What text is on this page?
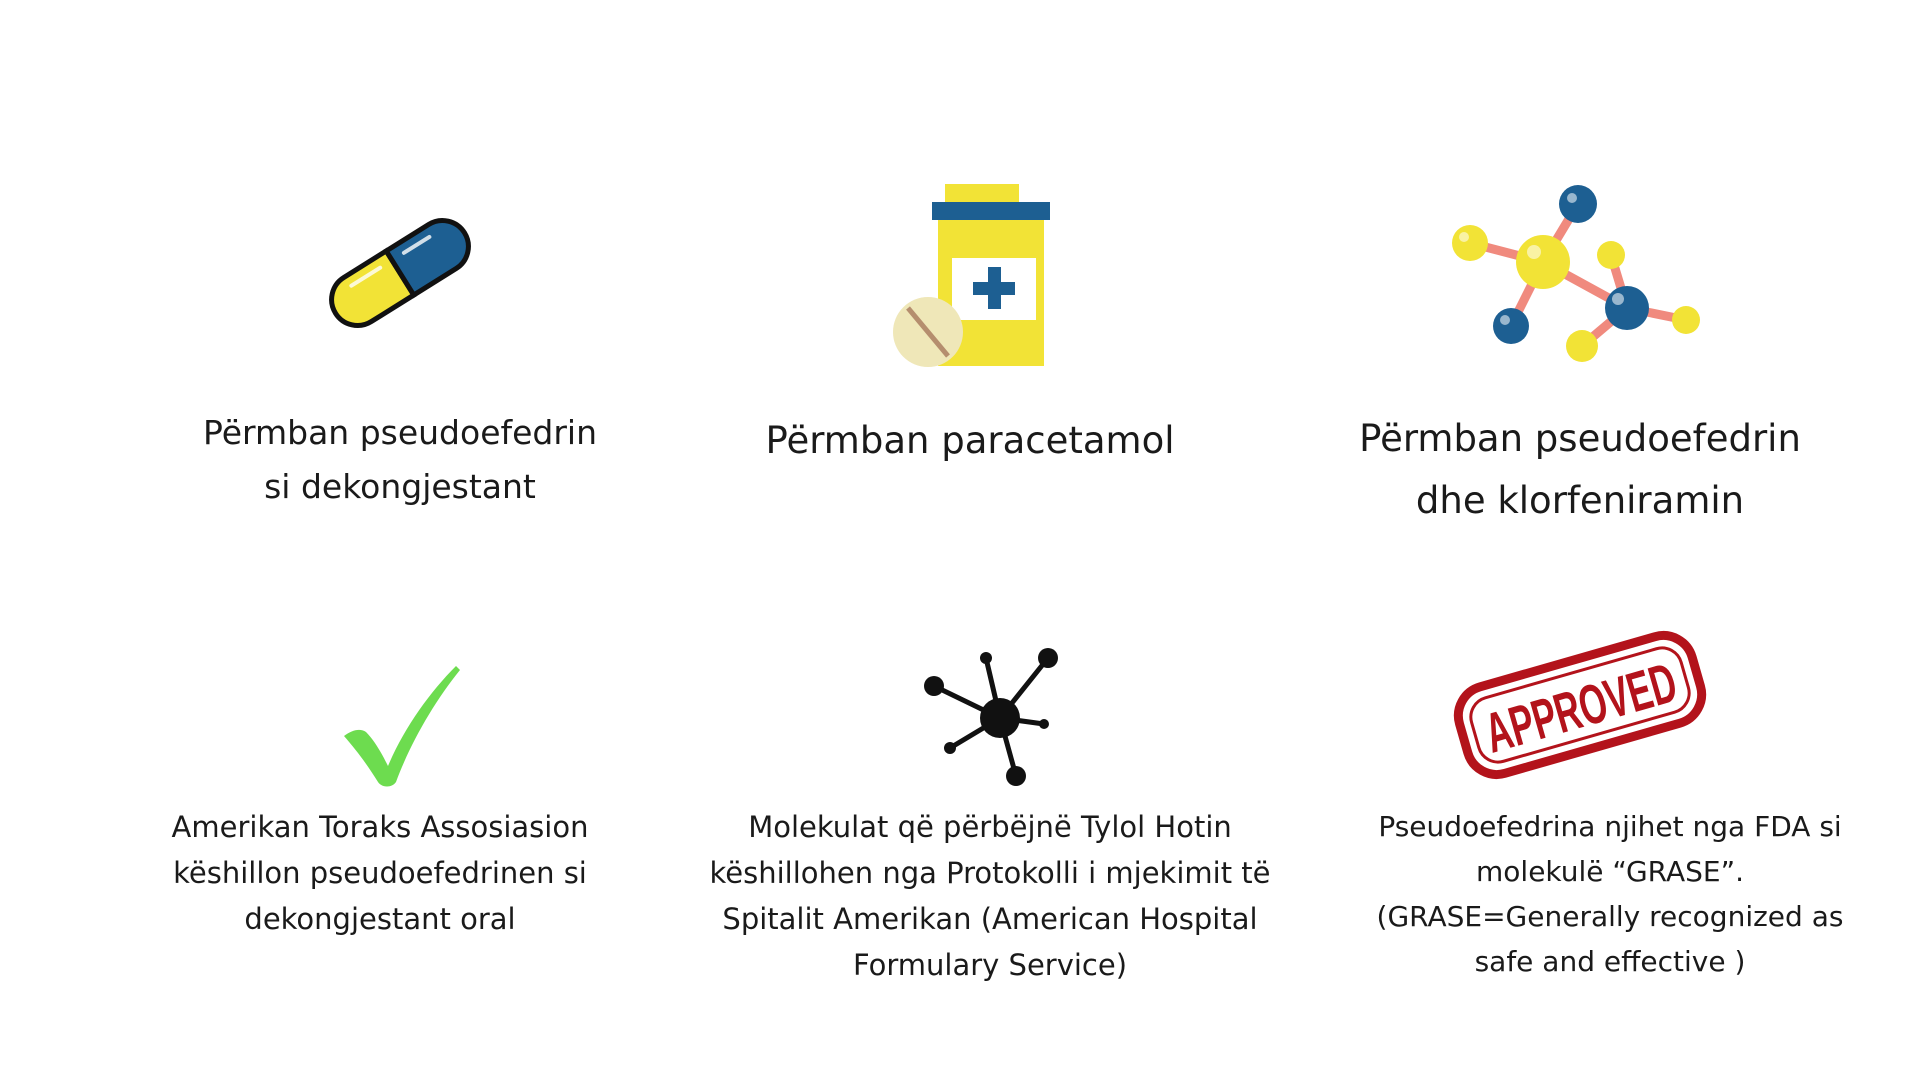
APPROVED
Përmban pseudoefedrin
si dekongjestant
Përmban paracetamol	Përmban pseudoefedrin
dhe klorfeniramin
Amerikan Toraks Assosiasion
këshillon pseudoefedrinen si
dekongjestant oral
Molekulat që përbëjnë Tylol Hotin
këshillohen nga Protokolli i mjekimit të
Spitalit Amerikan (American Hospital
Formulary Service)
Pseudoefedrina njihet nga FDA si
molekulë “GRASE”.
(GRASE=Generally recognized as
safe and effective )
